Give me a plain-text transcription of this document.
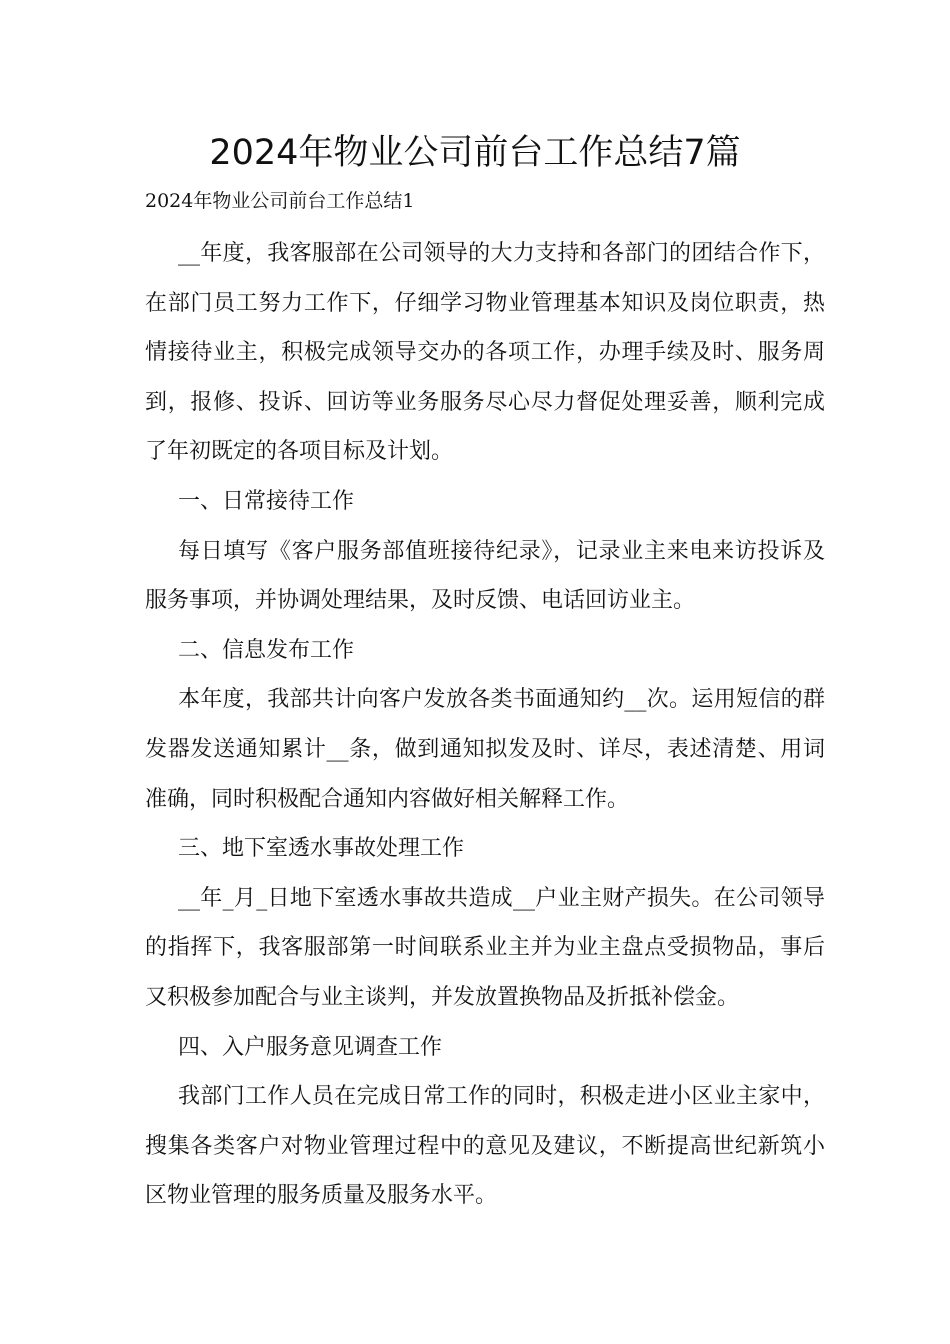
2024年物业公司前台工作总结7篇
2024年物业公司前台工作总结1

__年度，我客服部在公司领导的大力支持和各部门的团结合作下，在部门员工努力工作下，仔细学习物业管理基本知识及岗位职责，热情接待业主，积极完成领导交办的各项工作，办理手续及时、服务周到，报修、投诉、回访等业务服务尽心尽力督促处理妥善，顺利完成了年初既定的各项目标及计划。

一、日常接待工作

每日填写《客户服务部值班接待纪录》，记录业主来电来访投诉及服务事项，并协调处理结果，及时反馈、电话回访业主。

二、信息发布工作

本年度，我部共计向客户发放各类书面通知约__次。运用短信的群发器发送通知累计__条，做到通知拟发及时、详尽，表述清楚、用词准确，同时积极配合通知内容做好相关解释工作。

三、地下室透水事故处理工作

__年_月_日地下室透水事故共造成__户业主财产损失。在公司领导的指挥下，我客服部第一时间联系业主并为业主盘点受损物品，事后又积极参加配合与业主谈判，并发放置换物品及折抵补偿金。

四、入户服务意见调查工作

我部门工作人员在完成日常工作的同时，积极走进小区业主家中，搜集各类客户对物业管理过程中的意见及建议，不断提高世纪新筑小区物业管理的服务质量及服务水平。
